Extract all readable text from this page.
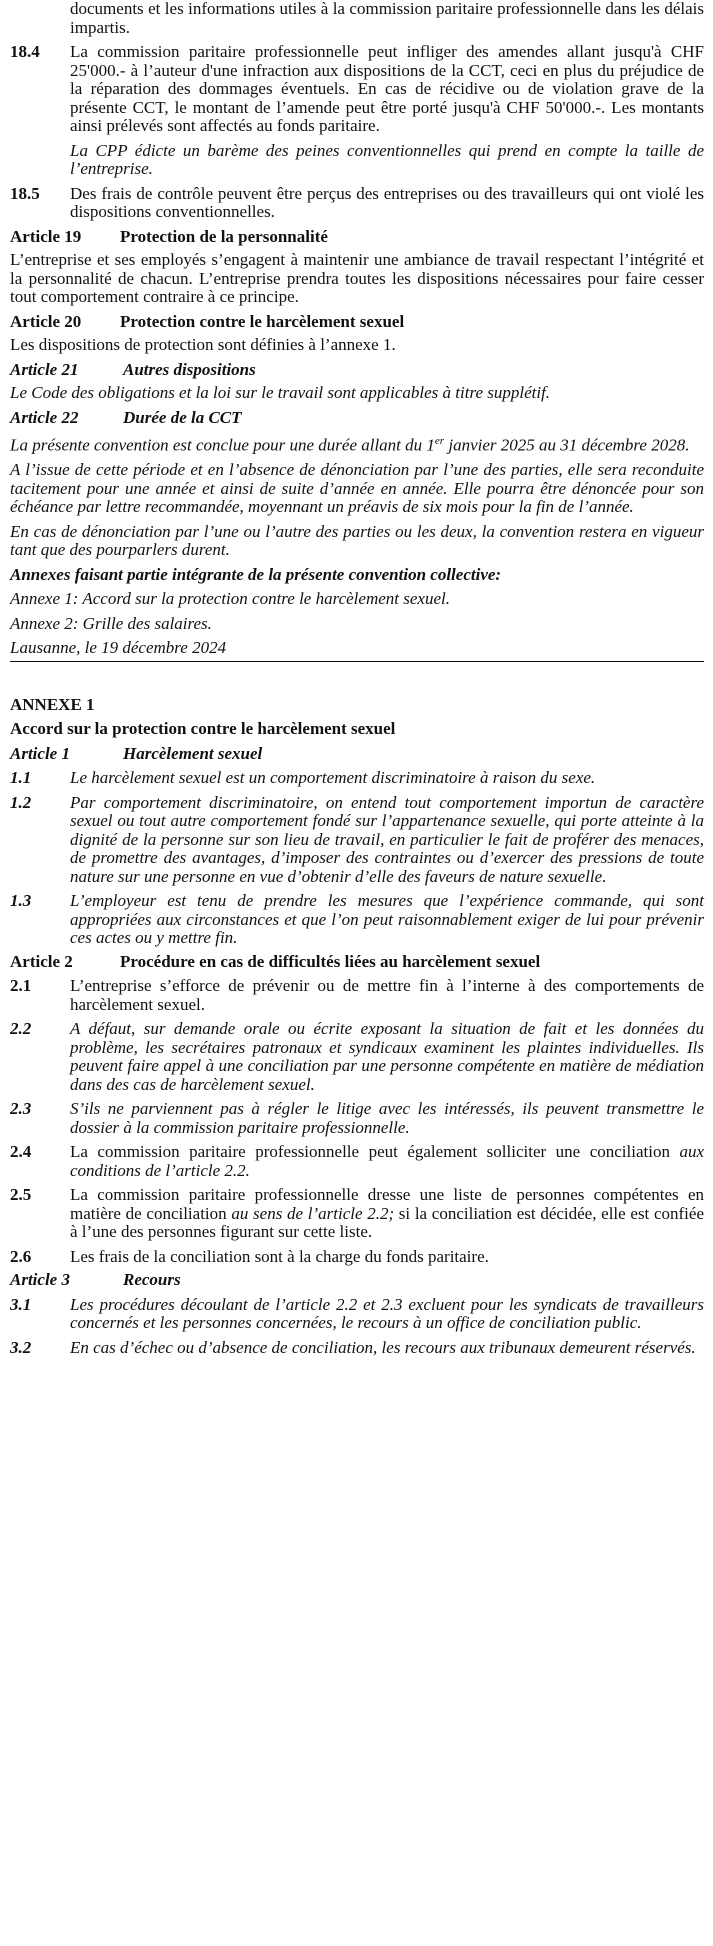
documents et les informations utiles à la commission paritaire professionnelle dans les délais impartis.

18.4	La commission paritaire professionnelle peut infliger des amendes allant jusqu'à CHF 25'000.- à l’auteur d'une infraction aux dispositions de la CCT, ceci en plus du préjudice de la réparation des dommages éventuels. En cas de récidive ou de violation grave de la présente CCT, le montant de l’amende peut être porté jusqu'à CHF 50'000.-. Les montants ainsi prélevés sont affectés au fonds paritaire.

La CPP édicte un barème des peines conventionnelles qui prend en compte la taille de l’entreprise.

18.5	Des frais de contrôle peuvent être perçus des entreprises ou des travailleurs qui ont violé les dispositions conventionnelles.

Article 19	Protection de la personnalité

L’entreprise et ses employés s’engagent à maintenir une ambiance de travail respectant l’intégrité et la personnalité de chacun. L’entreprise prendra toutes les dispositions nécessaires pour faire cesser tout comportement contraire à ce principe.

Article 20	Protection contre le harcèlement sexuel

Les dispositions de protection sont définies à l’annexe 1.

Article 21	Autres dispositions

Le Code des obligations et la loi sur le travail sont applicables à titre supplétif.

Article 22	Durée de la CCT

La présente convention est conclue pour une durée allant du 1er janvier 2025 au 31 décembre 2028.

A l’issue de cette période et en l’absence de dénonciation par l’une des parties, elle sera reconduite tacitement pour une année et ainsi de suite d’année en année. Elle pourra être dénoncée pour son échéance par lettre recommandée, moyennant un préavis de six mois pour la fin de l’année.

En cas de dénonciation par l’une ou l’autre des parties ou les deux, la convention restera en vigueur tant que des pourparlers durent.

Annexes faisant partie intégrante de la présente convention collective:

Annexe 1: Accord sur la protection contre le harcèlement sexuel.

Annexe 2: Grille des salaires.

Lausanne, le 19 décembre 2024

ANNEXE 1

Accord sur la protection contre le harcèlement sexuel

Article 1	Harcèlement sexuel
1.1	Le harcèlement sexuel est un comportement discriminatoire à raison du sexe.

1.2	Par comportement discriminatoire, on entend tout comportement importun de caractère sexuel ou tout autre comportement fondé sur l’appartenance sexuelle, qui porte atteinte à la dignité de la personne sur son lieu de travail, en particulier le fait de proférer des menaces, de promettre des avantages, d’imposer des contraintes ou d’exercer des pressions de toute nature sur une personne en vue d’obtenir d’elle des faveurs de nature sexuelle.

1.3	L’employeur est tenu de prendre les mesures que l’expérience commande, qui sont appropriées aux circonstances et que l’on peut raisonnablement exiger de lui pour prévenir ces actes ou y mettre fin.

Article 2	Procédure en cas de difficultés liées au harcèlement sexuel
2.1	L’entreprise s’efforce de prévenir ou de mettre fin à l’interne à des comportements de harcèlement sexuel.

2.2	A défaut, sur demande orale ou écrite exposant la situation de fait et les données du problème, les secrétaires patronaux et syndicaux examinent les plaintes individuelles. Ils peuvent faire appel à une conciliation par une personne compétente en matière de médiation dans des cas de harcèlement sexuel.

2.3	S’ils ne parviennent pas à régler le litige avec les intéressés, ils peuvent transmettre le dossier à la commission paritaire professionnelle.

2.4	La commission paritaire professionnelle peut également solliciter une conciliation aux conditions de l’article 2.2.

2.5	La commission paritaire professionnelle dresse une liste de personnes compétentes en matière de conciliation au sens de l’article 2.2; si la conciliation est décidée, elle est confiée à l’une des personnes figurant sur cette liste.

2.6	Les frais de la conciliation sont à la charge du fonds paritaire.

Article 3	Recours
3.1	Les procédures découlant de l’article 2.2 et 2.3 excluent pour les syndicats de travailleurs concernés et les personnes concernées, le recours à un office de conciliation public.

3.2	En cas d’échec ou d’absence de conciliation, les recours aux tribunaux demeurent réservés.
